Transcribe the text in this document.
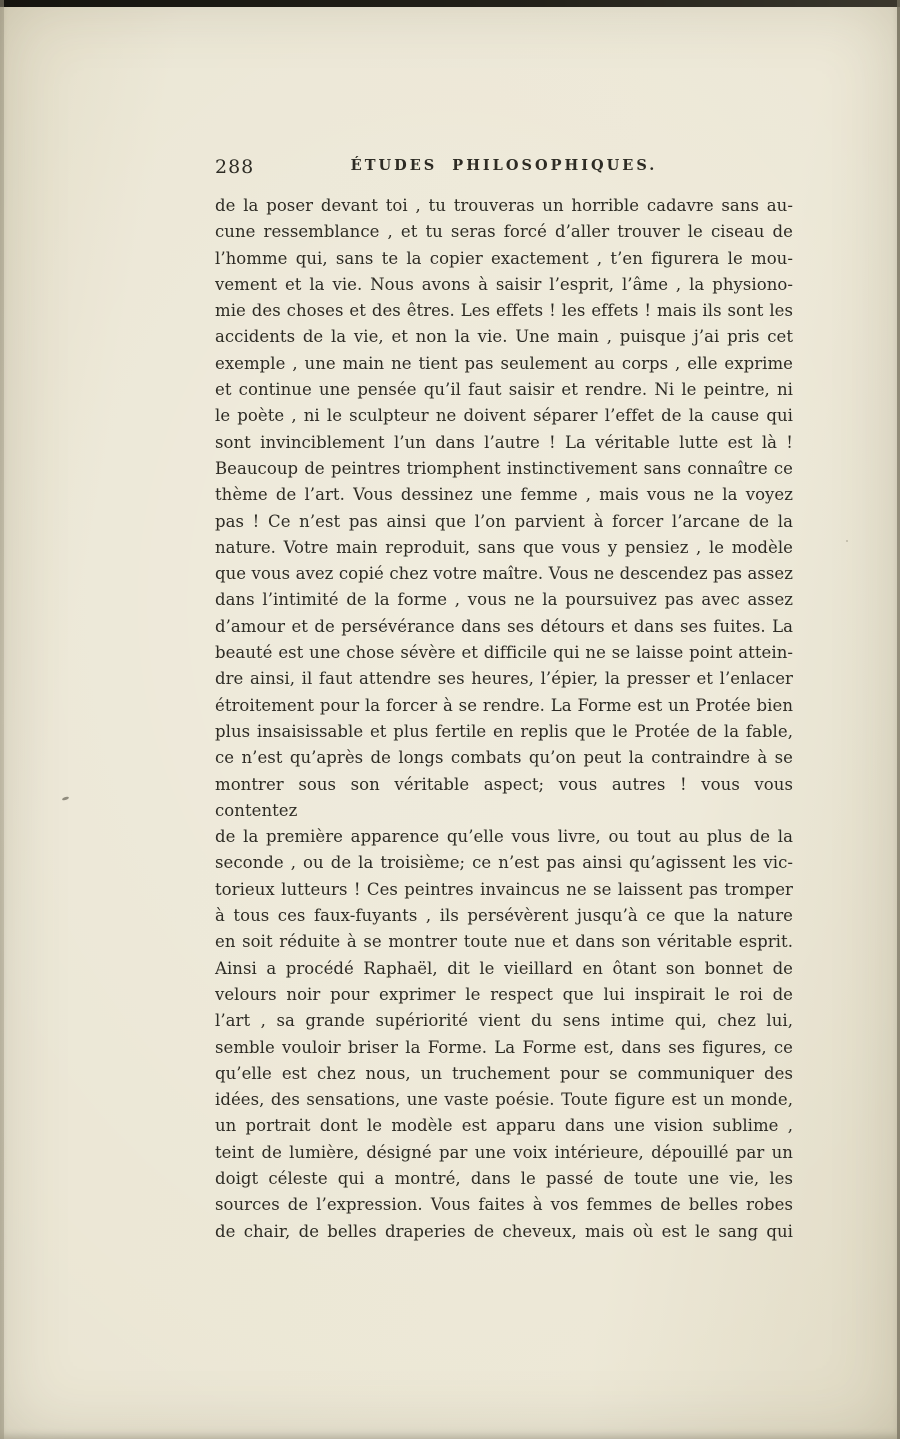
288	ÉTUDES PHILOSOPHIQUES.
de la poser devant toi , tu trouveras un horrible cadavre sans au-
cune ressemblance , et tu seras forcé d’aller trouver le ciseau de
l’homme qui, sans te la copier exactement , t’en figurera le mou-
vement et la vie. Nous avons à saisir l’esprit, l’âme , la physiono-
mie des choses et des êtres. Les effets ! les effets ! mais ils sont les
accidents de la vie, et non la vie. Une main , puisque j’ai pris cet
exemple , une main ne tient pas seulement au corps , elle exprime
et continue une pensée qu’il faut saisir et rendre. Ni le peintre, ni
le poète , ni le sculpteur ne doivent séparer l’effet de la cause qui
sont invinciblement l’un dans l’autre ! La véritable lutte est là !
Beaucoup de peintres triomphent instinctivement sans connaître ce
thème de l’art. Vous dessinez une femme , mais vous ne la voyez
pas ! Ce n’est pas ainsi que l’on parvient à forcer l’arcane de la
nature. Votre main reproduit, sans que vous y pensiez , le modèle
que vous avez copié chez votre maître. Vous ne descendez pas assez
dans l’intimité de la forme , vous ne la poursuivez pas avec assez
d’amour et de persévérance dans ses détours et dans ses fuites. La
beauté est une chose sévère et difficile qui ne se laisse point attein-
dre ainsi, il faut attendre ses heures, l’épier, la presser et l’enlacer
étroitement pour la forcer à se rendre. La Forme est un Protée bien
plus insaisissable et plus fertile en replis que le Protée de la fable,
ce n’est qu’après de longs combats qu’on peut la contraindre à se
montrer sous son véritable aspect; vous autres ! vous vous contentez
de la première apparence qu’elle vous livre, ou tout au plus de la
seconde , ou de la troisième; ce n’est pas ainsi qu’agissent les vic-
torieux lutteurs ! Ces peintres invaincus ne se laissent pas tromper
à tous ces faux-fuyants , ils persévèrent jusqu’à ce que la nature
en soit réduite à se montrer toute nue et dans son véritable esprit.
Ainsi a procédé Raphaël, dit le vieillard en ôtant son bonnet de
velours noir pour exprimer le respect que lui inspirait le roi de
l’art , sa grande supériorité vient du sens intime qui, chez lui,
semble vouloir briser la Forme. La Forme est, dans ses figures, ce
qu’elle est chez nous, un truchement pour se communiquer des
idées, des sensations, une vaste poésie. Toute figure est un monde,
un portrait dont le modèle est apparu dans une vision sublime ,
teint de lumière, désigné par une voix intérieure, dépouillé par un
doigt céleste qui a montré, dans le passé de toute une vie, les
sources de l’expression. Vous faites à vos femmes de belles robes
de chair, de belles draperies de cheveux, mais où est le sang qui
